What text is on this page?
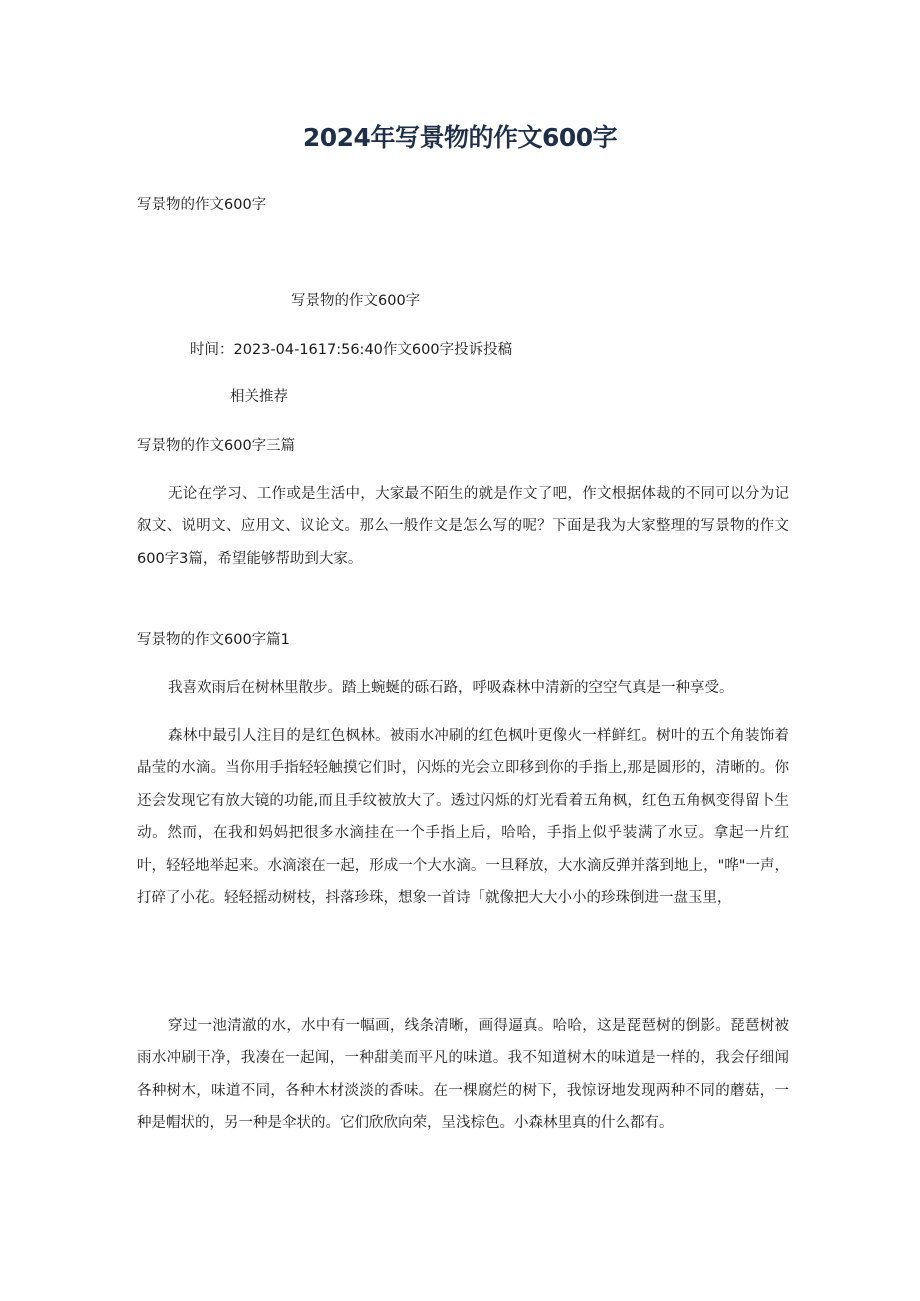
2024年写景物的作文600字

写景物的作文600字

写景物的作文600字

时间：2023-04-1617:56:40作文600字投诉投稿

相关推荐

写景物的作文600字三篇

无论在学习、工作或是生活中，大家最不陌生的就是作文了吧，作文根据体裁的不同可以分为记叙文、说明文、应用文、议论文。那么一般作文是怎么写的呢？下面是我为大家整理的写景物的作文600字3篇，希望能够帮助到大家。

写景物的作文600字篇1

我喜欢雨后在树林里散步。踏上蜿蜒的砾石路，呼吸森林中清新的空空气真是一种享受。

森林中最引人注目的是红色枫林。被雨水冲刷的红色枫叶更像火一样鲜红。树叶的五个角装饰着晶莹的水滴。当你用手指轻轻触摸它们时，闪烁的光会立即移到你的手指上,那是圆形的，清晰的。你还会发现它有放大镜的功能,而且手纹被放大了。透过闪烁的灯光看着五角枫，红色五角枫变得留卜生动。然而，在我和妈妈把很多水滴挂在一个手指上后，哈哈，手指上似乎装满了水豆。拿起一片红叶，轻轻地举起来。水滴滚在一起，形成一个大水滴。一旦释放，大水滴反弹并落到地上，"哗"一声，打碎了小花。轻轻摇动树枝，抖落珍珠，想象一首诗「就像把大大小小的珍珠倒进一盘玉里，

穿过一池清澈的水，水中有一幅画，线条清晰，画得逼真。哈哈，这是琵琶树的倒影。琵琶树被雨水冲刷干净，我凑在一起闻，一种甜美而平凡的味道。我不知道树木的味道是一样的，我会仔细闻各种树木，味道不同，各种木材淡淡的香味。在一棵腐烂的树下，我惊讶地发现两种不同的蘑菇，一种是帽状的，另一种是伞状的。它们欣欣向荣，呈浅棕色。小森林里真的什么都有。
